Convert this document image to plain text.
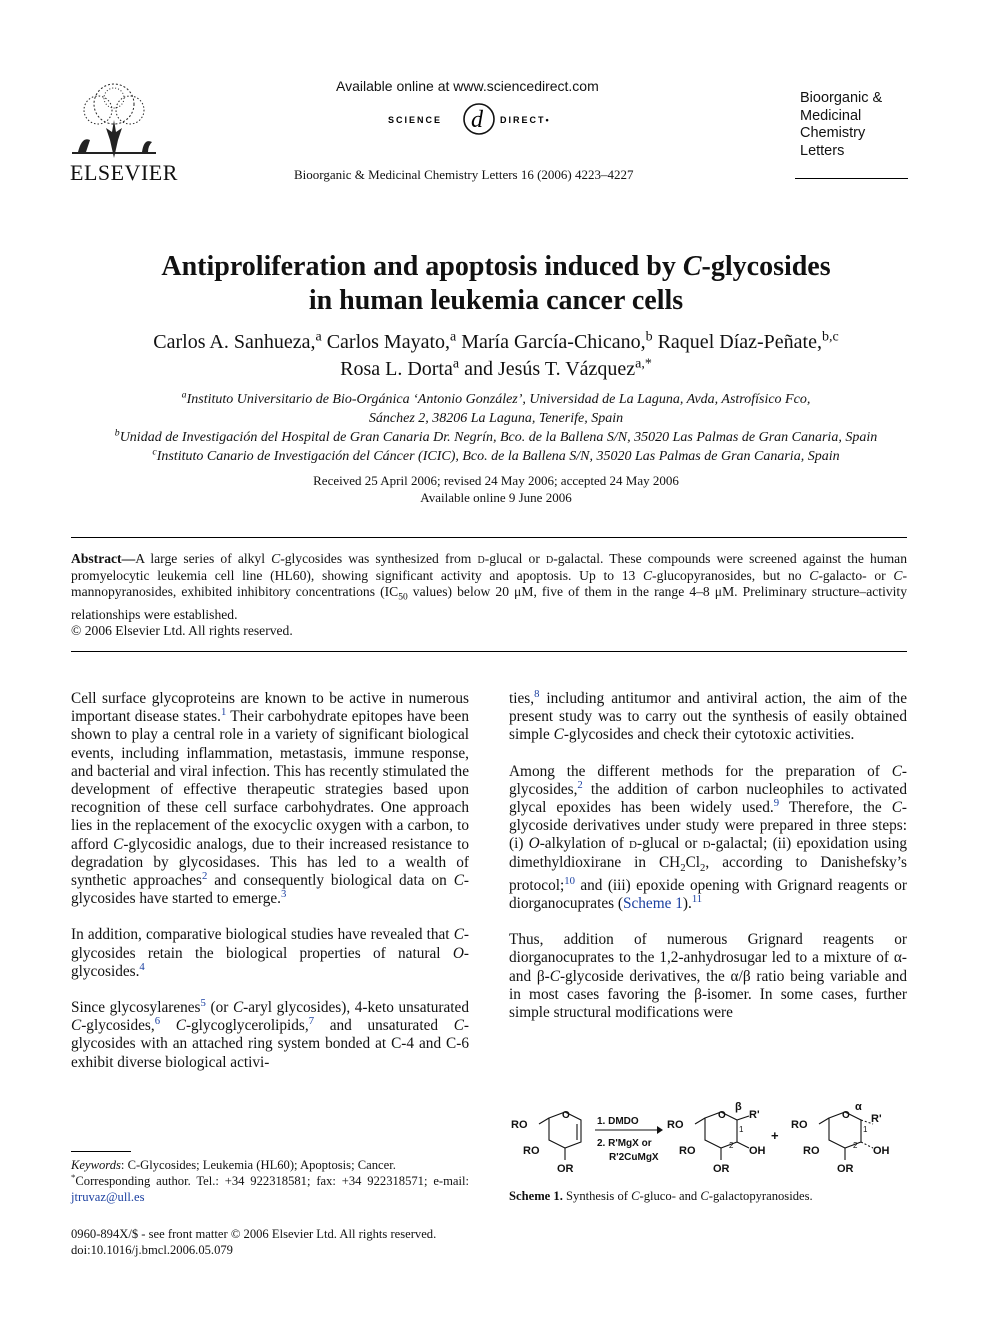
ELSEVIER
Available online at www.sciencedirect.com
SCIENCE d DIRECT•
Bioorganic & Medicinal Chemistry Letters 16 (2006) 4223–4227
Bioorganic &
Medicinal
Chemistry
Letters
Antiproliferation and apoptosis induced by C-glycosides
in human leukemia cancer cells
Carlos A. Sanhueza,$^a$ Carlos Mayato,$^a$ María García-Chicano,$^b$ Raquel Díaz-Peñate,$^{b,c}$
Rosa L. Dorta$^a$ and Jesús T. Vázquez$^{a,*}$
$^a$Instituto Universitario de Bio-Orgánica ‘Antonio González’, Universidad de La Laguna, Avda, Astrofísico Fco,
Sánchez 2, 38206 La Laguna, Tenerife, Spain
$^b$Unidad de Investigación del Hospital de Gran Canaria Dr. Negrín, Bco. de la Ballena S/N, 35020 Las Palmas de Gran Canaria, Spain
$^c$Instituto Canario de Investigación del Cáncer (ICIC), Bco. de la Ballena S/N, 35020 Las Palmas de Gran Canaria, Spain
Received 25 April 2006; revised 24 May 2006; accepted 24 May 2006
Available online 9 June 2006

Abstract—A large series of alkyl C-glycosides was synthesized from d-glucal or d-galactal. These compounds were screened against the human promyelocytic leukemia cell line (HL60), showing significant activity and apoptosis. Up to 13 C-glucopyranosides, but no C-galacto- or C-mannopyranosides, exhibited inhibitory concentrations ($IC_{50}$ values) below 20 μM, five of them in the range 4–8 μM. Preliminary structure–activity relationships were established.

© 2006 Elsevier Ltd. All rights reserved.

Cell surface glycoproteins are known to be active in numerous important disease states.$^1$ Their carbohydrate epitopes have been shown to play a central role in a variety of significant biological events, including inflammation, metastasis, immune response, and bacterial and viral infection. This has recently stimulated the development of effective therapeutic strategies based upon recognition of these cell surface carbohydrates. One approach lies in the replacement of the exocyclic oxygen with a carbon, to afford C-glycosidic analogs, due to their increased resistance to degradation by glycosidases. This has led to a wealth of synthetic approaches$^2$ and consequently biological data on C-glycosides have started to emerge.$^3$

In addition, comparative biological studies have revealed that C-glycosides retain the biological properties of natural O-glycosides.$^4$

Since glycosylarenes$^5$ (or C-aryl glycosides), 4-keto unsaturated C-glycosides,$^6$ C-glycoglycerolipids,$^7$ and unsaturated C-glycosides with an attached ring system bonded at C-4 and C-6 exhibit diverse biological activi-

ties,$^8$ including antitumor and antiviral action, the aim of the present study was to carry out the synthesis of easily obtained simple C-glycosides and check their cytotoxic activities.

Among the different methods for the preparation of C-glycosides,$^2$ the addition of carbon nucleophiles to activated glycal epoxides has been widely used.$^9$ Therefore, the C-glycoside derivatives under study were prepared in three steps: (i) O-alkylation of d-glucal or d-galactal; (ii) epoxidation using dimethyldioxirane in $CH_2Cl_2$, according to Danishefsky’s protocol;$^{10}$ and (iii) epoxide opening with Grignard reagents or diorganocuprates (Scheme 1).$^{11}$

Thus, addition of numerous Grignard reagents or diorganocuprates to the 1,2-anhydrosugar led to a mixture of α- and β-C-glycoside derivatives, the α/β ratio being variable and in most cases favoring the β-isomer. In some cases, further simple structural modifications were

RO
RO
OR
O
1. DMDO
2. R'MgX or
R'2CuMgX
RO
RO
OR
OH
R'
β
1
2
O
+
RO
RO
OR
OH
R'
α
1
2
O
Scheme 1. Synthesis of C-gluco- and C-galactopyranosides.
Keywords: C-Glycosides; Leukemia (HL60); Apoptosis; Cancer.
*Corresponding author. Tel.: +34 922318581; fax: +34 922318571; e-mail: jtruvaz@ull.es
0960-894X/$ - see front matter © 2006 Elsevier Ltd. All rights reserved.
doi:10.1016/j.bmcl.2006.05.079
